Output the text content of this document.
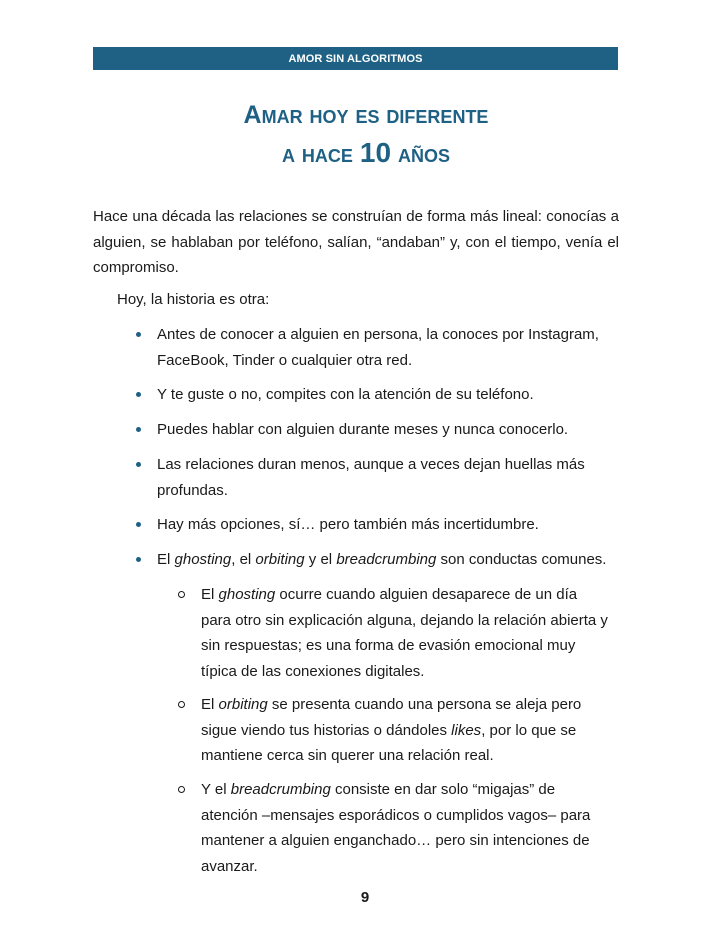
AMOR SIN ALGORITMOS
Amar hoy es diferente
a hace 10 años

Hace una década las relaciones se construían de forma más lineal: conocías a alguien, se hablaban por teléfono, salían, “andaban” y, con el tiempo, venía el compromiso.

Hoy, la historia es otra:

Antes de conocer a alguien en persona, la conoces por Instagram, FaceBook, Tinder o cualquier otra red.
Y te guste o no, compites con la atención de su teléfono.
Puedes hablar con alguien durante meses y nunca conocerlo.
Las relaciones duran menos, aunque a veces dejan huellas más profundas.
Hay más opciones, sí… pero también más incertidumbre.
El ghosting, el orbiting y el breadcrumbing son conductas comunes.
El ghosting ocurre cuando alguien desaparece de un día para otro sin explicación alguna, dejando la relación abierta y sin respuestas; es una forma de evasión emocional muy típica de las conexiones digitales.
El orbiting se presenta cuando una persona se aleja pero sigue viendo tus historias o dándoles likes, por lo que se mantiene cerca sin querer una relación real.
Y el breadcrumbing consiste en dar solo “migajas” de atención –mensajes esporádicos o cumplidos vagos– para mantener a alguien enganchado… pero sin intenciones de avanzar.
9
